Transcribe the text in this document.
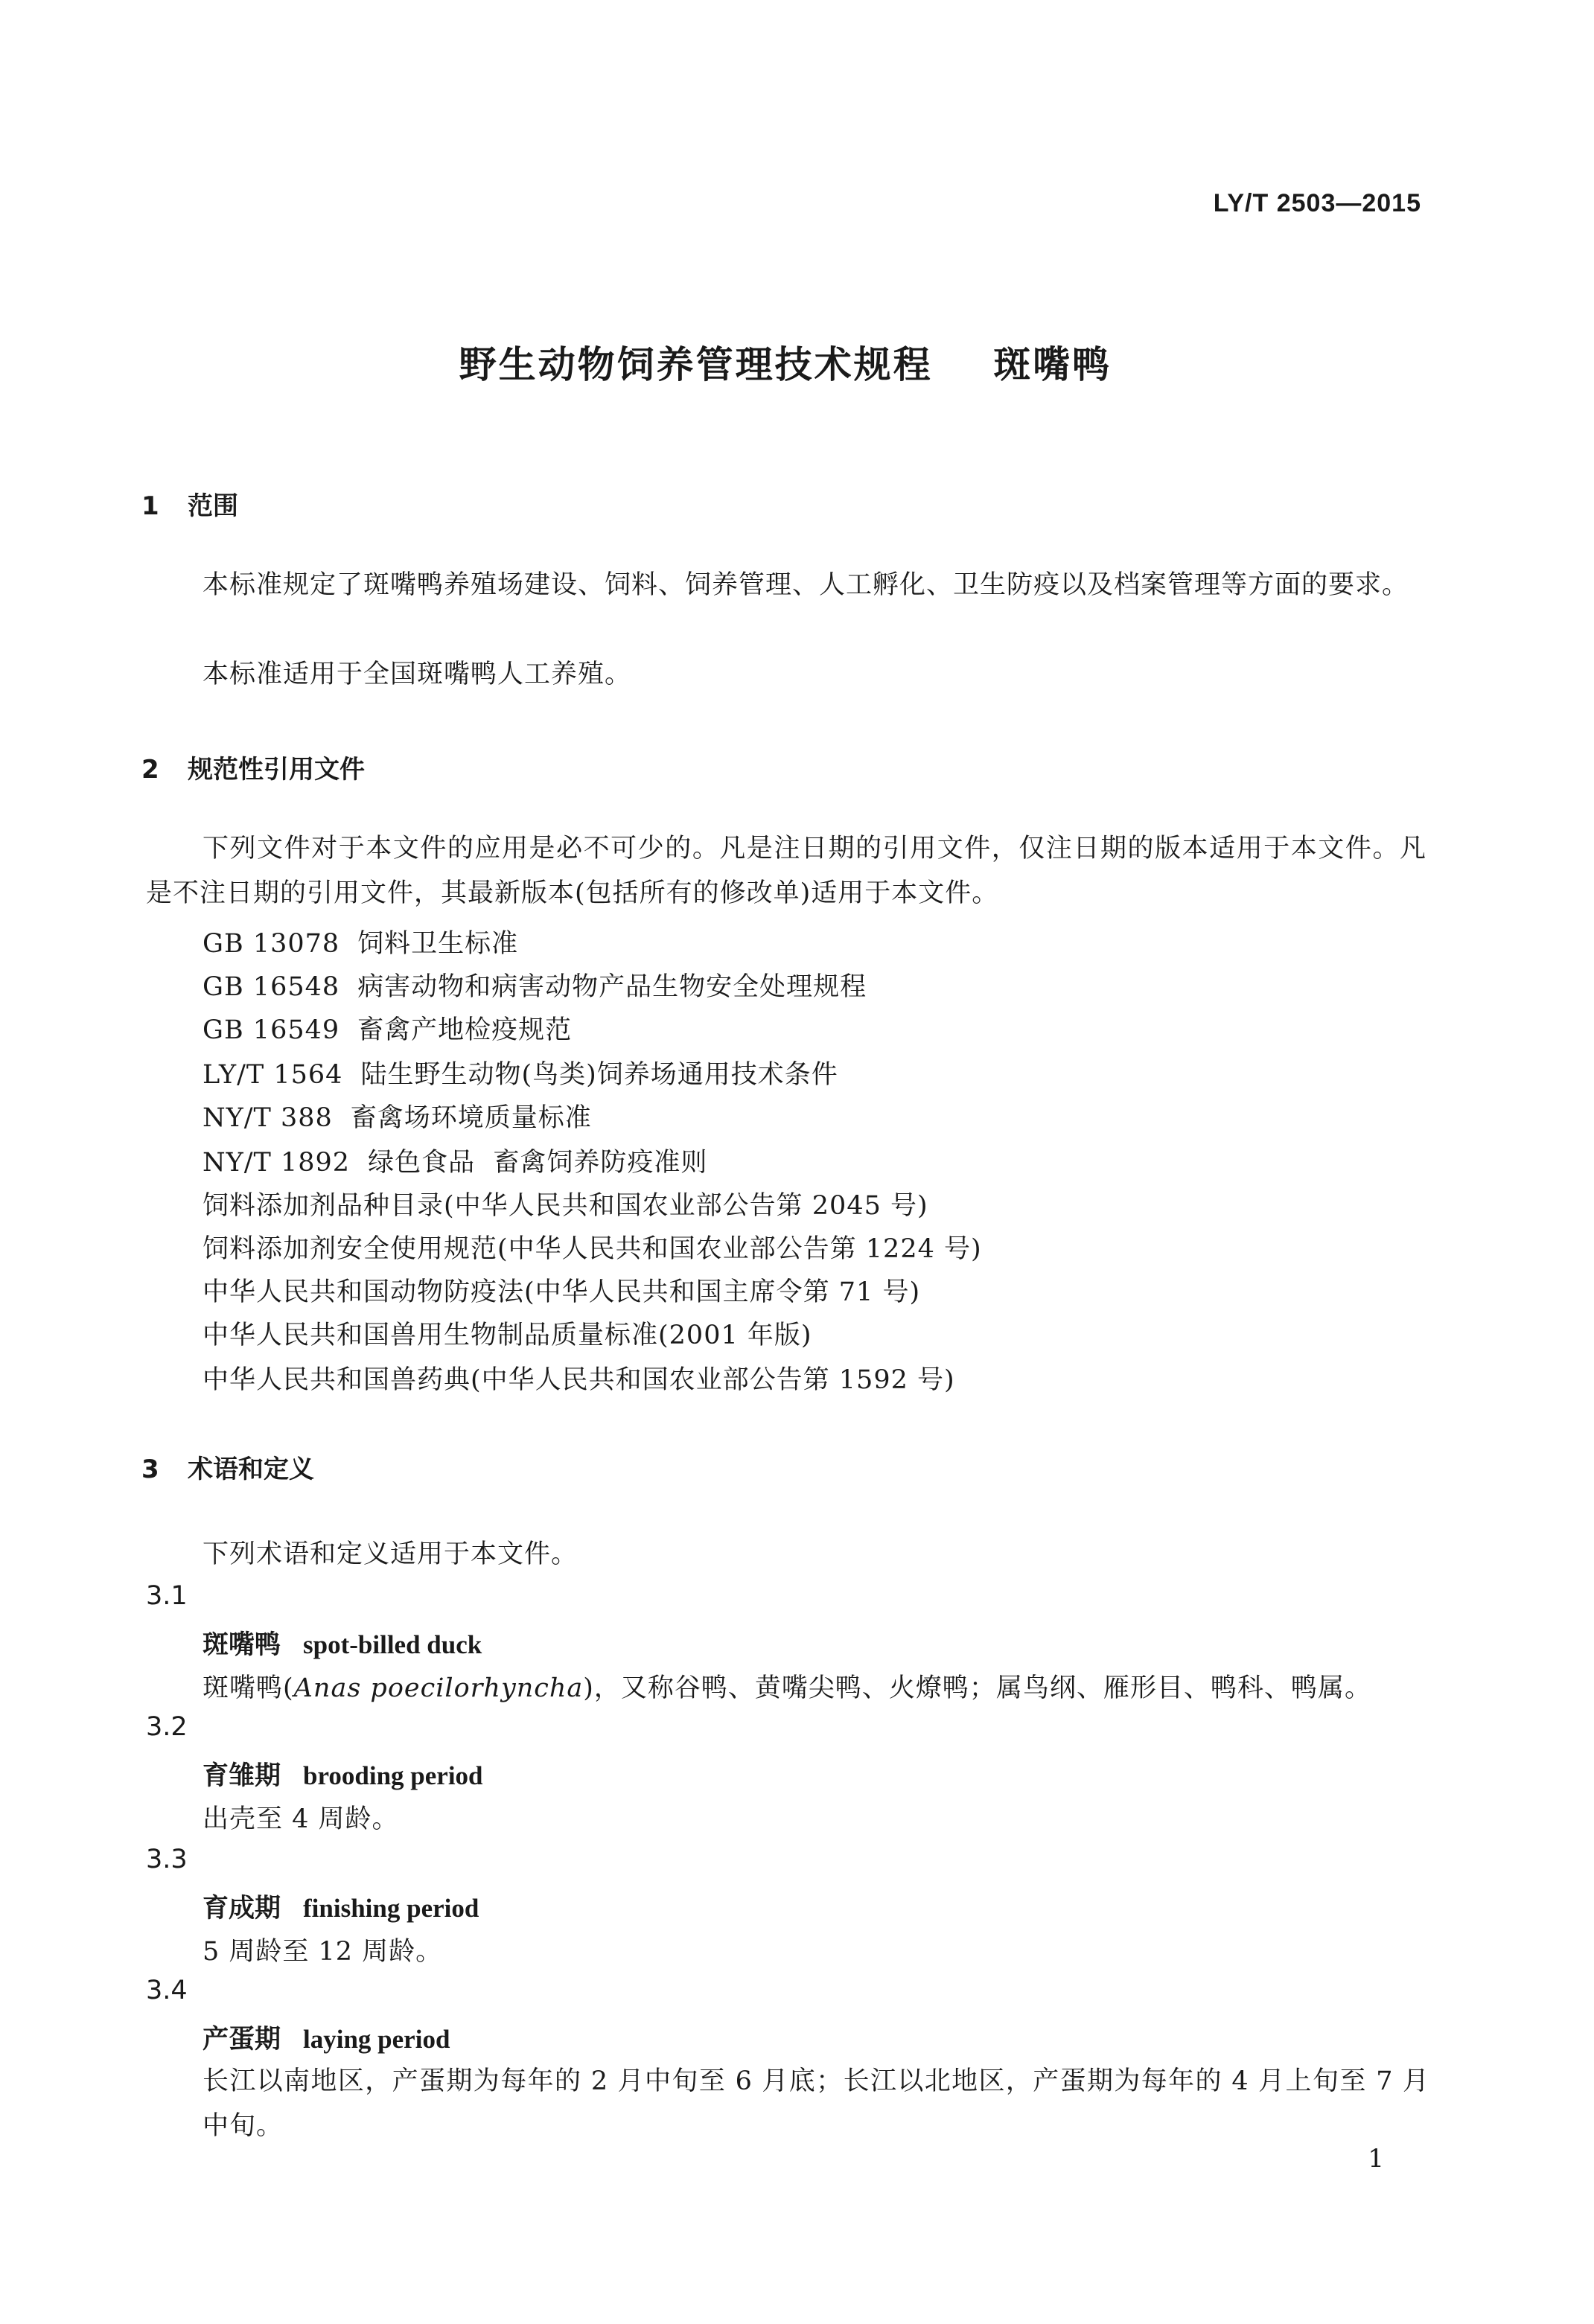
LY/T 2503—2015
野生动物饲养管理技术规程    斑嘴鸭
1 范围
本标准规定了斑嘴鸭养殖场建设、饲料、饲养管理、人工孵化、卫生防疫以及档案管理等方面的要求。
本标准适用于全国斑嘴鸭人工养殖。
2 规范性引用文件
下列文件对于本文件的应用是必不可少的。凡是注日期的引用文件，仅注日期的版本适用于本文件。凡是不注日期的引用文件，其最新版本(包括所有的修改单)适用于本文件。
GB 13078 饲料卫生标准
GB 16548 病害动物和病害动物产品生物安全处理规程
GB 16549 畜禽产地检疫规范
LY/T 1564 陆生野生动物(鸟类)饲养场通用技术条件
NY/T 388 畜禽场环境质量标准
NY/T 1892 绿色食品  畜禽饲养防疫准则
饲料添加剂品种目录(中华人民共和国农业部公告第 2045 号)
饲料添加剂安全使用规范(中华人民共和国农业部公告第 1224 号)
中华人民共和国动物防疫法(中华人民共和国主席令第 71 号)
中华人民共和国兽用生物制品质量标准(2001 年版)
中华人民共和国兽药典(中华人民共和国农业部公告第 1592 号)
3 术语和定义
下列术语和定义适用于本文件。
3.1
斑嘴鸭 spot-billed duck
斑嘴鸭(Anas poecilorhyncha)，又称谷鸭、黄嘴尖鸭、火燎鸭；属鸟纲、雁形目、鸭科、鸭属。
3.2
育雏期 brooding period
出壳至 4 周龄。
3.3
育成期 finishing period
5 周龄至 12 周龄。
3.4
产蛋期 laying period
长江以南地区，产蛋期为每年的 2 月中旬至 6 月底；长江以北地区，产蛋期为每年的 4 月上旬至 7 月中旬。
1
